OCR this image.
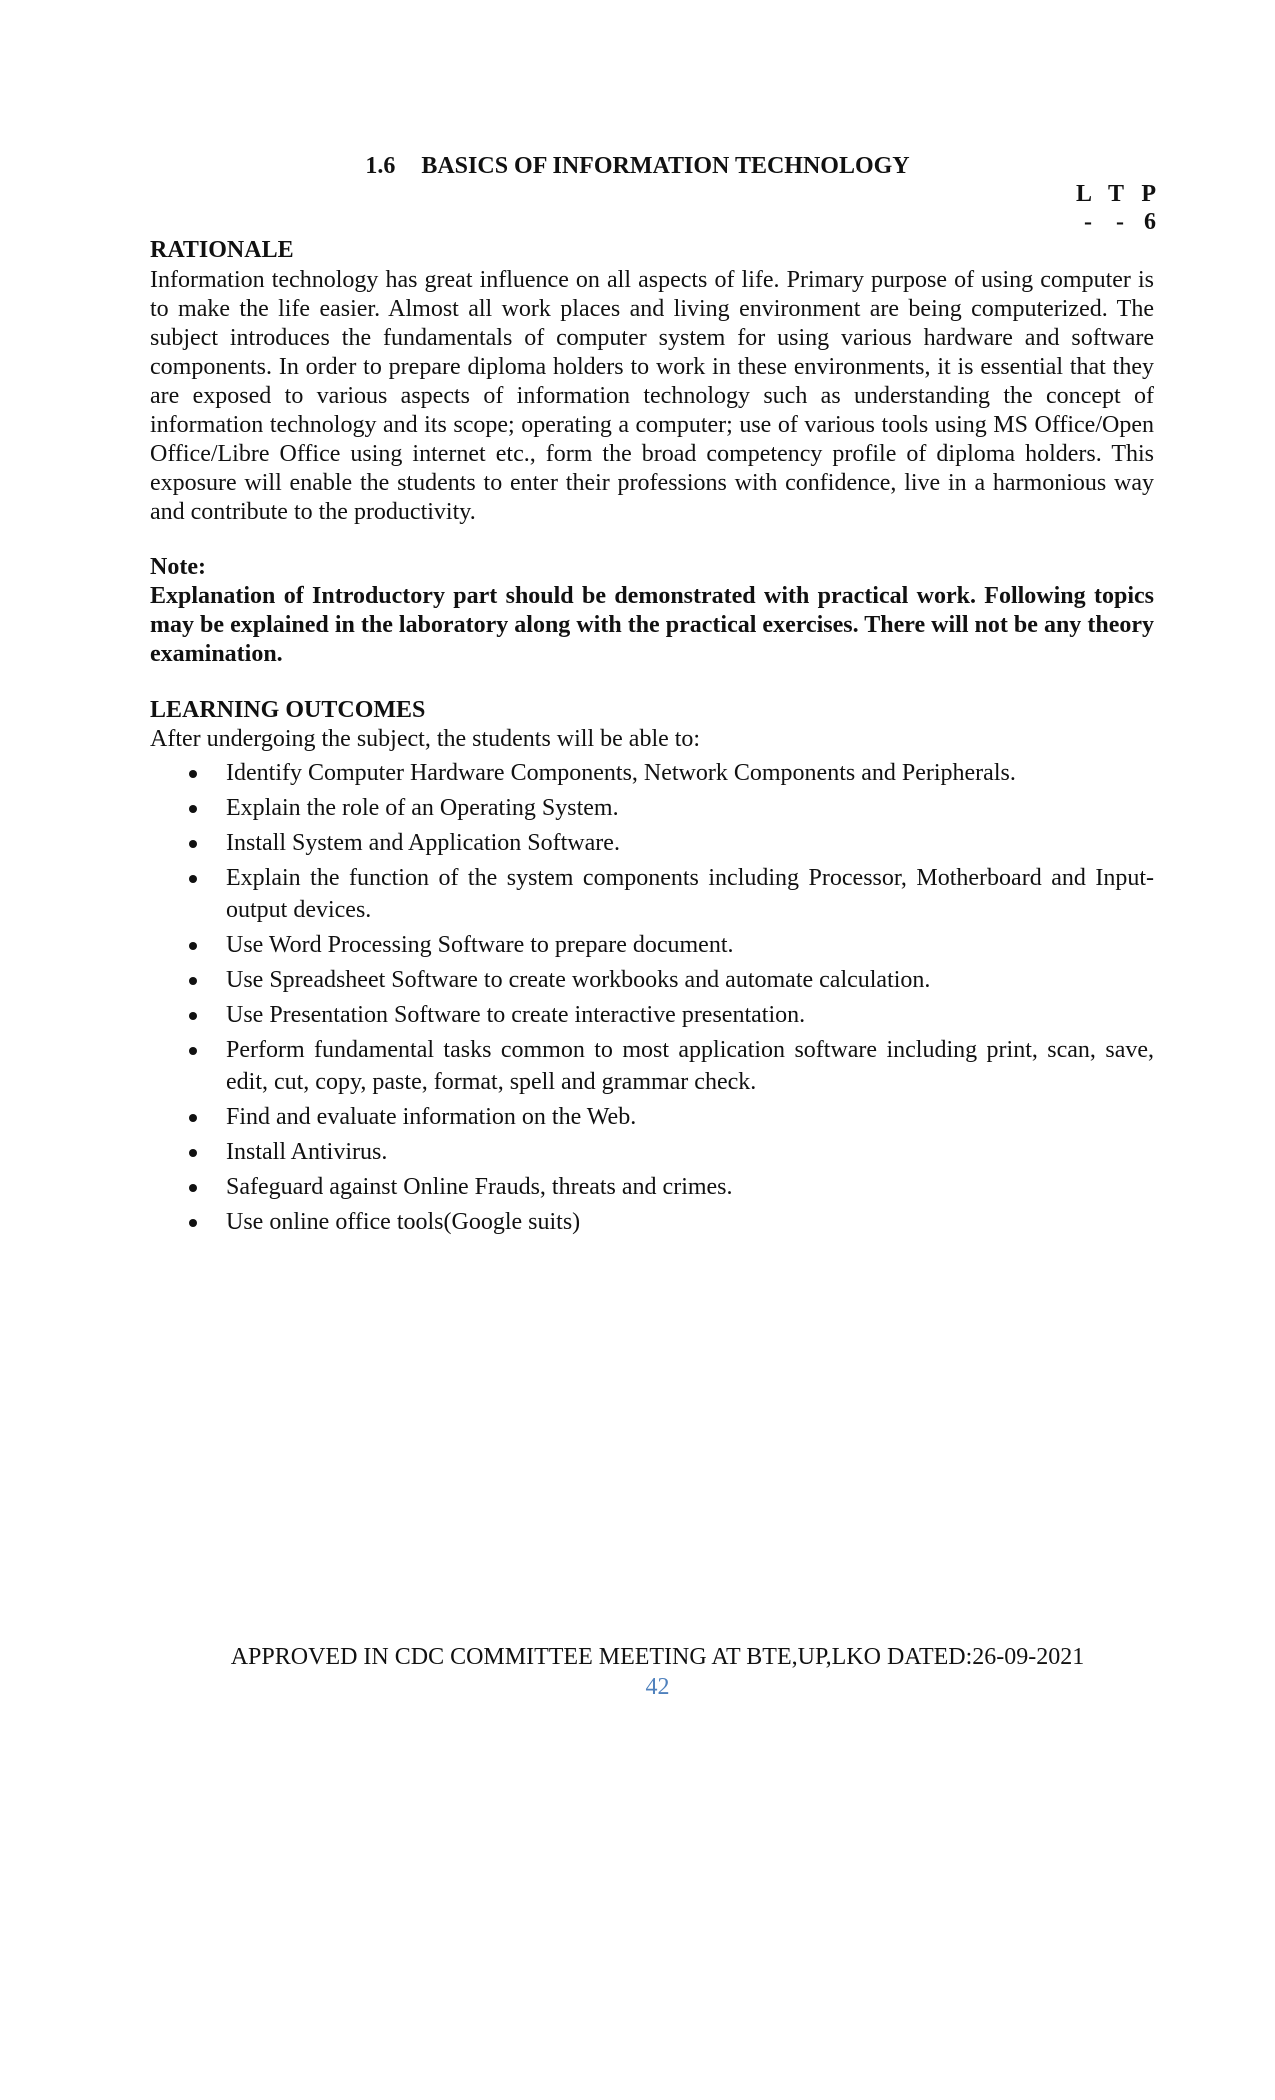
1.6 BASICS OF INFORMATION TECHNOLOGY
L T P
-	- 6
RATIONALE
Information technology has great influence on all aspects of life. Primary purpose of using computer is to make the life easier. Almost all work places and living environment are being computerized. The subject introduces the fundamentals of computer system for using various hardware and software components. In order to prepare diploma holders to work in these environments, it is essential that they are exposed to various aspects of information technology such as understanding the concept of information technology and its scope; operating a computer; use of various tools using MS Office/Open Office/Libre Office using internet etc., form the broad competency profile of diploma holders. This exposure will enable the students to enter their professions with confidence, live in a harmonious way and contribute to the productivity.
Note:
Explanation of Introductory part should be demonstrated with practical work. Following topics may be explained in the laboratory along with the practical exercises. There will not be any theory examination.
LEARNING OUTCOMES
After undergoing the subject, the students will be able to:
Identify Computer Hardware Components, Network Components and Peripherals.
Explain the role of an Operating System.
Install System and Application Software.
Explain the function of the system components including Processor, Motherboard and Input-output devices.
Use Word Processing Software to prepare document.
Use Spreadsheet Software to create workbooks and automate calculation.
Use Presentation Software to create interactive presentation.
Perform fundamental tasks common to most application software including print, scan, save, edit, cut, copy, paste, format, spell and grammar check.
Find and evaluate information on the Web.
Install Antivirus.
Safeguard against Online Frauds, threats and crimes.
Use online office tools(Google suits)
APPROVED IN CDC COMMITTEE MEETING AT BTE,UP,LKO DATED:26-09-2021
42
